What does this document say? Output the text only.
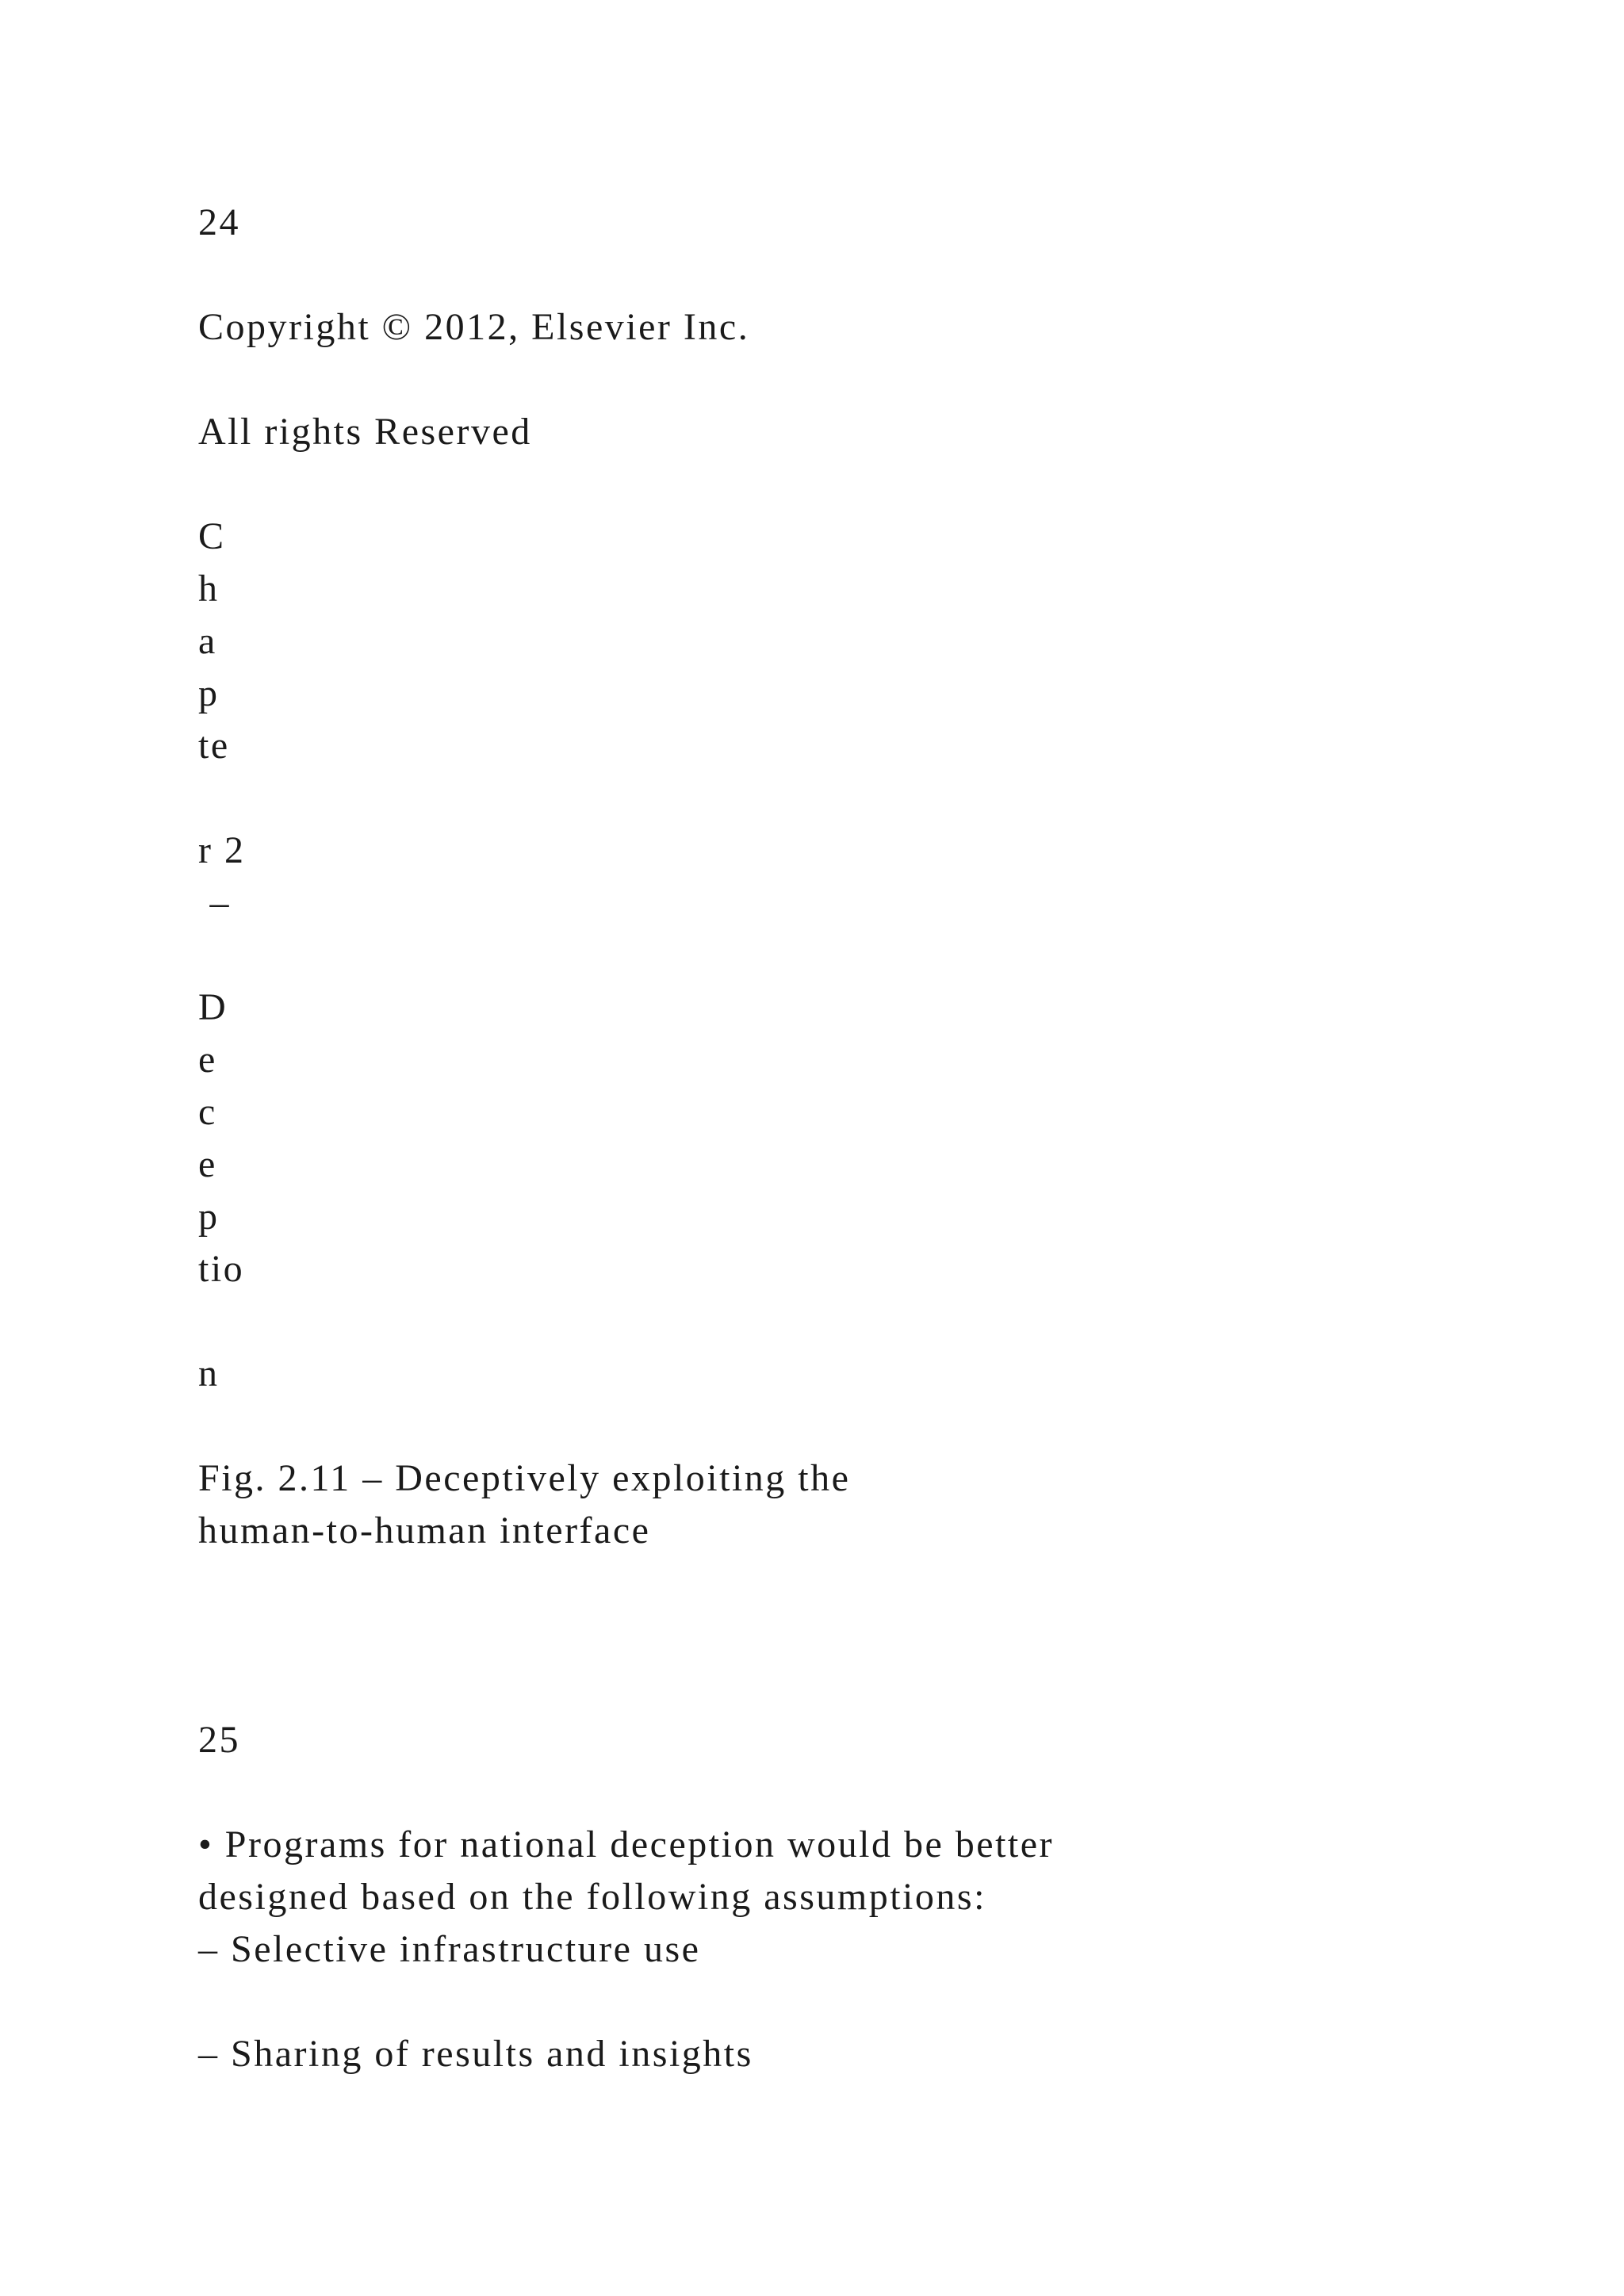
24

Copyright © 2012, Elsevier Inc.

All rights Reserved

C

h

a

p

te

r 2

–

D

e

c

e

p

tio

n

Fig. 2.11 – Deceptively exploiting the

human-to-human interface

25

• Programs for national deception would be better

designed based on the following assumptions:

– Selective infrastructure use

– Sharing of results and insights
